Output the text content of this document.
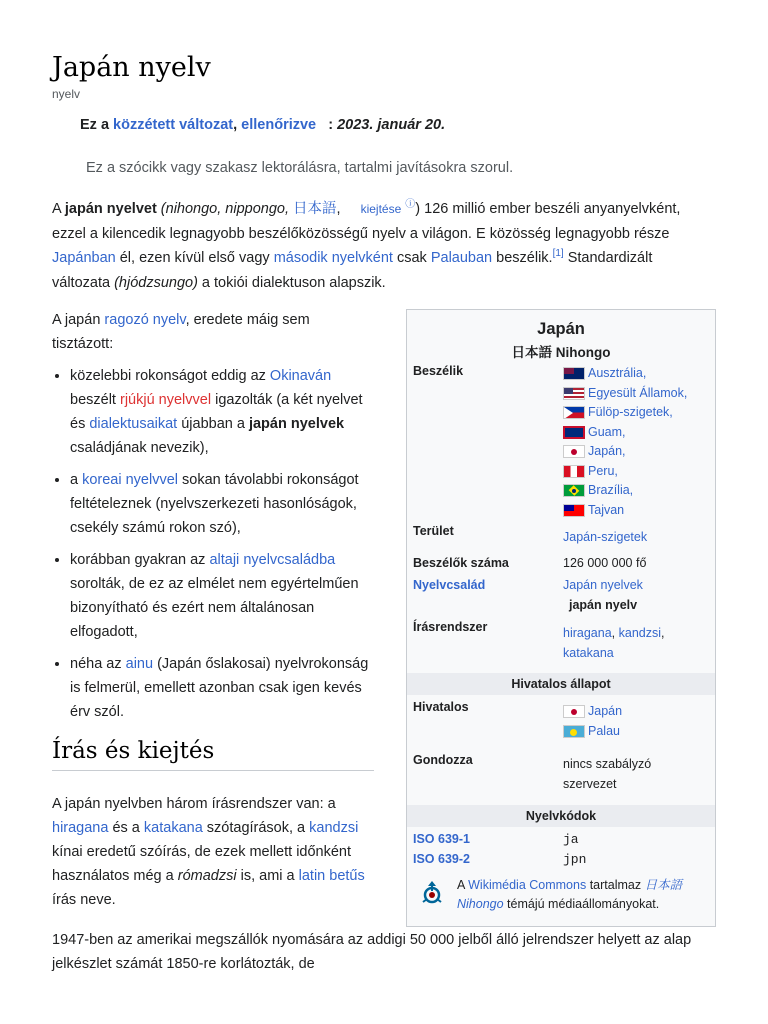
Japán nyelv
nyelv
Ez a közzétett változat, ellenőrizve : 2023. január 20.
Ez a szócikk vagy szakasz lektorálásra, tartalmi javításokra szorul.

A japán nyelvet (nihongo, nippongo, 日本語, kiejtése ⓘ) 126 millió ember beszéli anyanyelvként, ezzel a kilencedik legnagyobb beszélőközösségű nyelv a világon. E közösség legnagyobb része Japánban él, ezen kívül első vagy második nyelvként csak Palauban beszélik.[1] Standardizált változata (hjódzsungo) a tokiói dialektuson alapszik.

A japán ragozó nyelv, eredete máig sem tisztázott:

• közelebbi rokonságot eddig az Okinaván beszélt rjúkjú nyelvvel igazolták (a két nyelvet és dialektusaikat újabban a japán nyelvek családjának nevezik),
• a koreai nyelvvel sokan távolabbi rokonságot feltételeznek (nyelvszerkezeti hasonlóságok, csekély számú rokon szó),
• korábban gyakran az altaji nyelvcsaládba sorolták, de ez az elmélet nem egyértelműen bizonyítható és ezért nem általánosan elfogadott,
• néha az ainu (Japán őslakosai) nyelvrokonság is felmerül, emellett azonban csak igen kevés érv szól.
Írás és kiejtés

A japán nyelvben három írásrendszer van: a hiragana és a katakana szótagírások, a kandzsi kínai eredetű szóírás, de ezek mellett időnként használatos még a rómadzsi is, ami a latin betűs írás neve.

1947-ben az amerikai megszállók nyomására az addigi 50 000 jelből álló jelrendszer helyett az alap jelkészlet számát 1850-re korlátozták, de

Japán
日本語 Nihongo
Beszélik	Ausztrália,
Egyesült Államok,
Fülöp-szigetek,
Guam,
Japán,
Peru,
Brazília,
Tajvan
Terület	Japán-szigetek
Beszélők száma	126 000 000 fő
Nyelvcsalád	Japán nyelvek
japán nyelv
Írásrendszer	hiragana, kandzsi,
katakana
Hivatalos állapot
Hivatalos	Japán
Palau
Gondozza	nincs szabályzó szervezet
Nyelvkódok
ISO 639-1	ja
ISO 639-2	jpn
A Wikimédia Commons tartalmaz 日本語 Nihongo témájú médiaállományokat.
